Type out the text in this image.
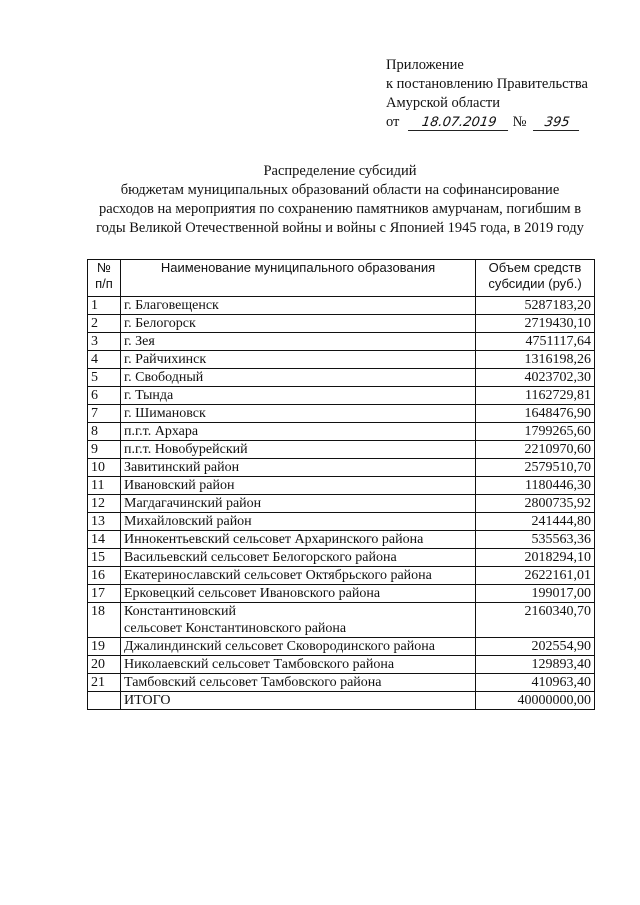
Приложение
к постановлению Правительства
Амурской области
от 18.07.2019 № 395
Распределение субсидий
бюджетам муниципальных образований области на софинансирование
расходов на мероприятия по сохранению памятников амурчанам, погибшим в
годы Великой Отечественной войны и войны с Японией 1945 года, в 2019 году
№
п/п	Наименование муниципального образования	Объем средств
субсидии (руб.)
1	г. Благовещенск	5287183,20
2	г. Белогорск	2719430,10
3	г. Зея	4751117,64
4	г. Райчихинск	1316198,26
5	г. Свободный	4023702,30
6	г. Тында	1162729,81
7	г. Шимановск	1648476,90
8	п.г.т. Архара	1799265,60
9	п.г.т. Новобурейский	2210970,60
10	Завитинский район	2579510,70
11	Ивановский район	1180446,30
12	Магдагачинский район	2800735,92
13	Михайловский район	241444,80
14	Иннокентьевский сельсовет Архаринского района	535563,36
15	Васильевский сельсовет Белогорского района	2018294,10
16	Екатеринославский сельсовет Октябрьского района	2622161,01
17	Ерковецкий сельсовет Ивановского района	199017,00
18	Константиновский
сельсовет Константиновского района	2160340,70
19	Джалиндинский сельсовет Сковородинского района	202554,90
20	Николаевский сельсовет Тамбовского района	129893,40
21	Тамбовский сельсовет Тамбовского района	410963,40
	ИТОГО	40000000,00
